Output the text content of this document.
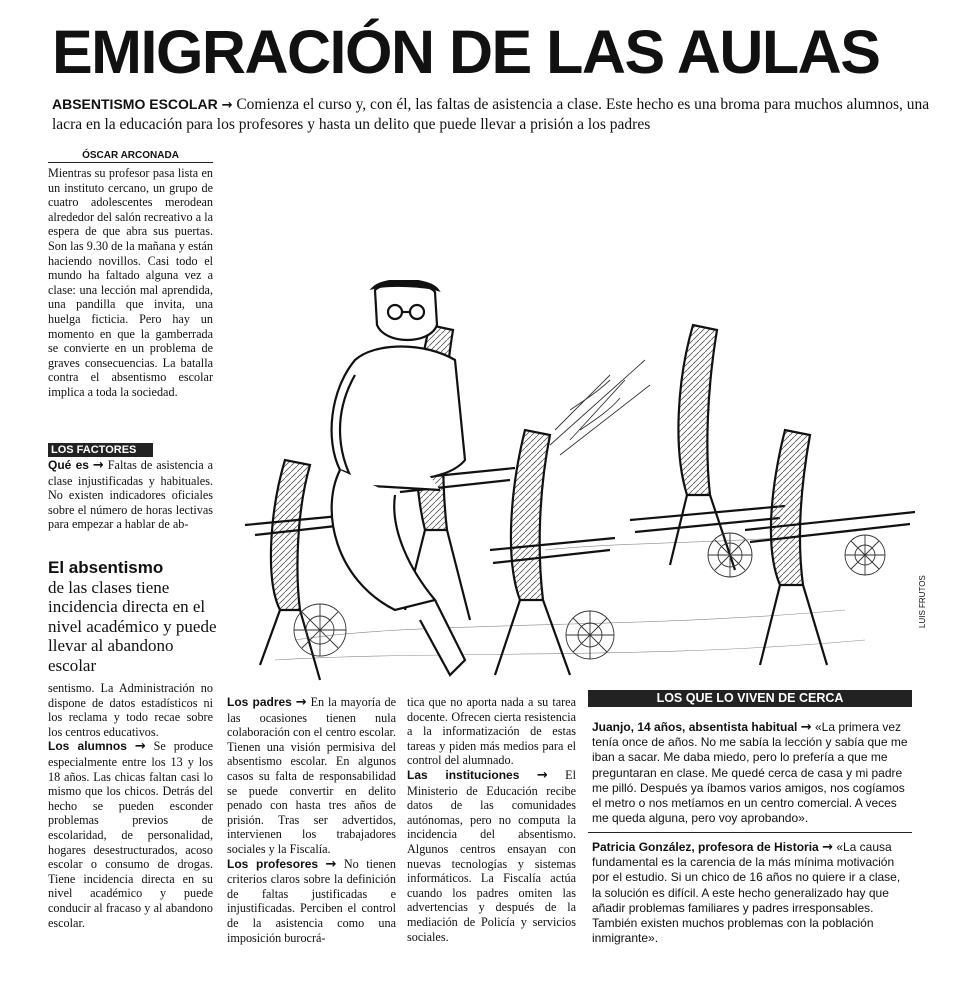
EMIGRACIÓN DE LAS AULAS

ABSENTISMO ESCOLAR → Comienza el curso y, con él, las faltas de asistencia a clase. Este hecho es una broma para muchos alumnos, una lacra en la educación para los profesores y hasta un delito que puede llevar a prisión a los padres

ÓSCAR ARCONADA

Mientras su profesor pasa lista en un instituto cercano, un grupo de cuatro adolescentes merodean alrededor del salón recreativo a la espera de que abra sus puertas. Son las 9.30 de la mañana y están haciendo novillos. Casi todo el mundo ha faltado alguna vez a clase: una lección mal aprendida, una pandilla que invita, una huelga ficticia. Pero hay un momento en que la gamberrada se convierte en un problema de graves consecuencias. La batalla contra el absentismo escolar implica a toda la sociedad.

LOS FACTORES

Qué es → Faltas de asistencia a clase injustificadas y habituales. No existen indicadores oficiales sobre el número de horas lectivas para empezar a hablar de ab-

El absentismo
de las clases tiene incidencia directa en el nivel académico y puede llevar al abandono escolar

sentismo. La Administración no dispone de datos estadísticos ni los reclama y todo recae sobre los centros educativos.

Los alumnos → Se produce especialmente entre los 13 y los 18 años. Las chicas faltan casi lo mismo que los chicos. Detrás del hecho se pueden esconder problemas previos de escolaridad, de personalidad, hogares desestructurados, acoso escolar o consumo de drogas. Tiene incidencia directa en su nivel académico y puede conducir al fracaso y al abandono escolar.

LUIS FRUTOS

Los padres → En la mayoría de las ocasiones tienen nula colaboración con el centro escolar. Tienen una visión permisiva del absentismo escolar. En algunos casos su falta de responsabilidad se puede convertir en delito penado con hasta tres años de prisión. Tras ser advertidos, intervienen los trabajadores sociales y la Fiscalía.

Los profesores → No tienen criterios claros sobre la definición de faltas justificadas e injustificadas. Perciben el control de la asistencia como una imposición burocrá-

tica que no aporta nada a su tarea docente. Ofrecen cierta resistencia a la informatización de estas tareas y piden más medios para el control del alumnado.

Las instituciones → El Ministerio de Educación recibe datos de las comunidades autónomas, pero no computa la incidencia del absentismo. Algunos centros ensayan con nuevas tecnologías y sistemas informáticos. La Fiscalía actúa cuando los padres omiten las advertencias y después de la mediación de Policía y servicios sociales.

LOS QUE LO VIVEN DE CERCA

Juanjo, 14 años, absentista habitual → «La primera vez tenía once de años. No me sabía la lección y sabía que me iban a sacar. Me daba miedo, pero lo prefería a que me preguntaran en clase. Me quedé cerca de casa y mi padre me pilló. Después ya íbamos varios amigos, nos cogíamos el metro o nos metíamos en un centro comercial. A veces me queda alguna, pero voy aprobando».

Patricia González, profesora de Historia → «La causa fundamental es la carencia de la más mínima motivación por el estudio. Si un chico de 16 años no quiere ir a clase, la solución es difícil. A este hecho generalizado hay que añadir problemas familiares y padres irresponsables. También existen muchos problemas con la población inmigrante».
